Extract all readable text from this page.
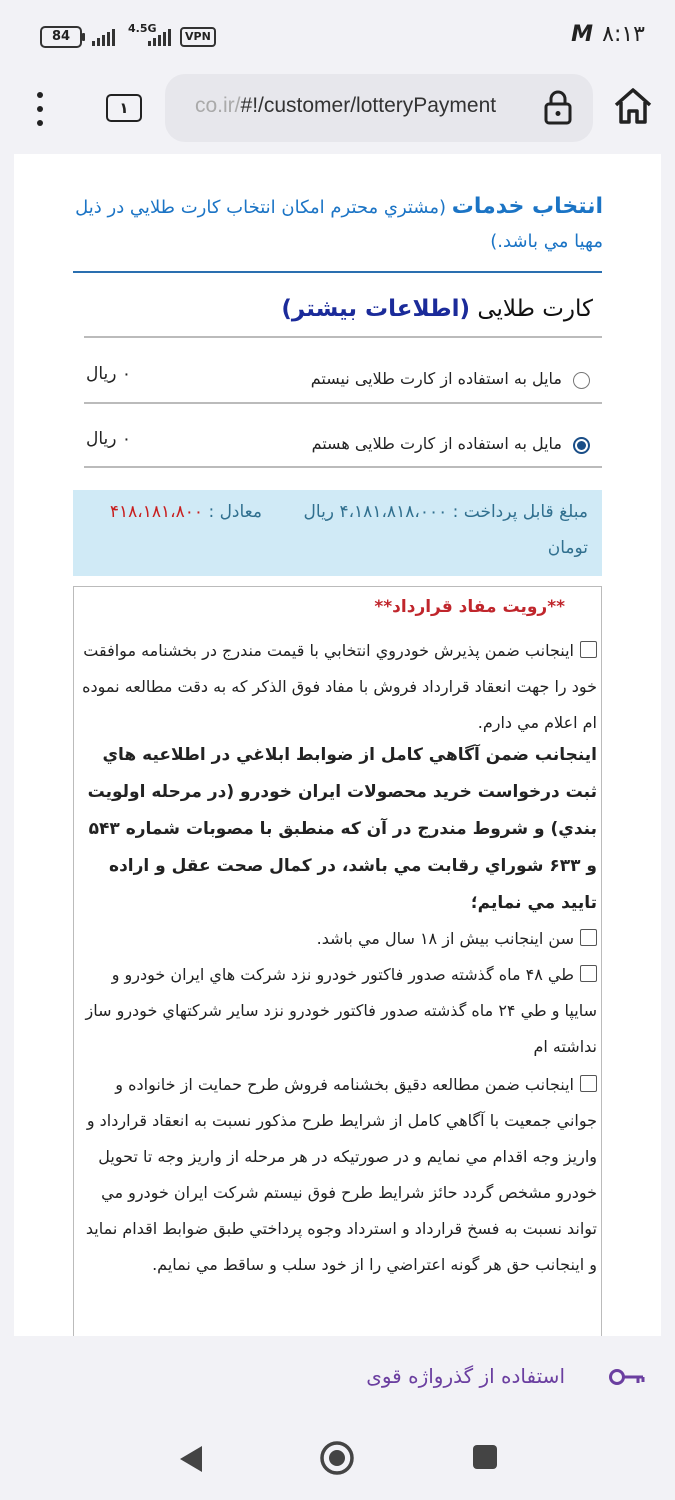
84
4.5G
VPN	M ۸:۱۳
۱	co.ir/#!/customer/lotteryPayment
انتخاب خدمات (مشتري محترم امكان انتخاب كارت طلايي در ذيل مهيا مي باشد.)
کارت طلایی (اطلاعات بیشتر)
مایل به استفاده از کارت طلایی نیستم
۰ ريال
مایل به استفاده از کارت طلایی هستم
۰ ريال
مبلغ قابل پرداخت : ۴،۱۸۱،۸۱۸،۰۰۰ ريال
معادل : ۴۱۸،۱۸۱،۸۰۰
تومان
**رويت مفاد قرارداد**
اينجانب ضمن پذيرش خودروي انتخابي با قيمت مندرج در بخشنامه موافقت خود را جهت انعقاد قرارداد فروش با مفاد فوق الذكر كه به دقت مطالعه نموده ام اعلام مي دارم.
اينجانب ضمن آگاهي كامل از ضوابط ابلاغي در اطلاعيه هاي ثبت درخواست خريد محصولات ايران خودرو (در مرحله اولويت بندي) و شروط مندرج در آن كه منطبق با مصوبات شماره ۵۴۳ و ۶۳۳ شوراي رقابت مي باشد، در كمال صحت عقل و اراده تاييد مي نمايم؛
سن اينجانب بيش از ۱۸ سال مي باشد.
طي ۴۸ ماه گذشته صدور فاكتور خودرو نزد شركت هاي ايران خودرو و سايپا و طي ۲۴ ماه گذشته صدور فاكتور خودرو نزد ساير شركتهاي خودرو ساز نداشته ام
اينجانب ضمن مطالعه دقيق بخشنامه فروش طرح حمايت از خانواده و جواني جمعيت با آگاهي كامل از شرايط طرح مذكور نسبت به انعقاد قرارداد و واريز وجه اقدام مي نمايم و در صورتيكه در هر مرحله از واريز وجه تا تحويل خودرو مشخص گردد حائز شرايط طرح فوق نيستم شركت ايران خودرو مي تواند نسبت به فسخ قرارداد و استرداد وجوه پرداختي طبق ضوابط اقدام نمايد و اينجانب حق هر گونه اعتراضي را از خود سلب و ساقط مي نمايم.
استفاده از گذرواژه قوی
